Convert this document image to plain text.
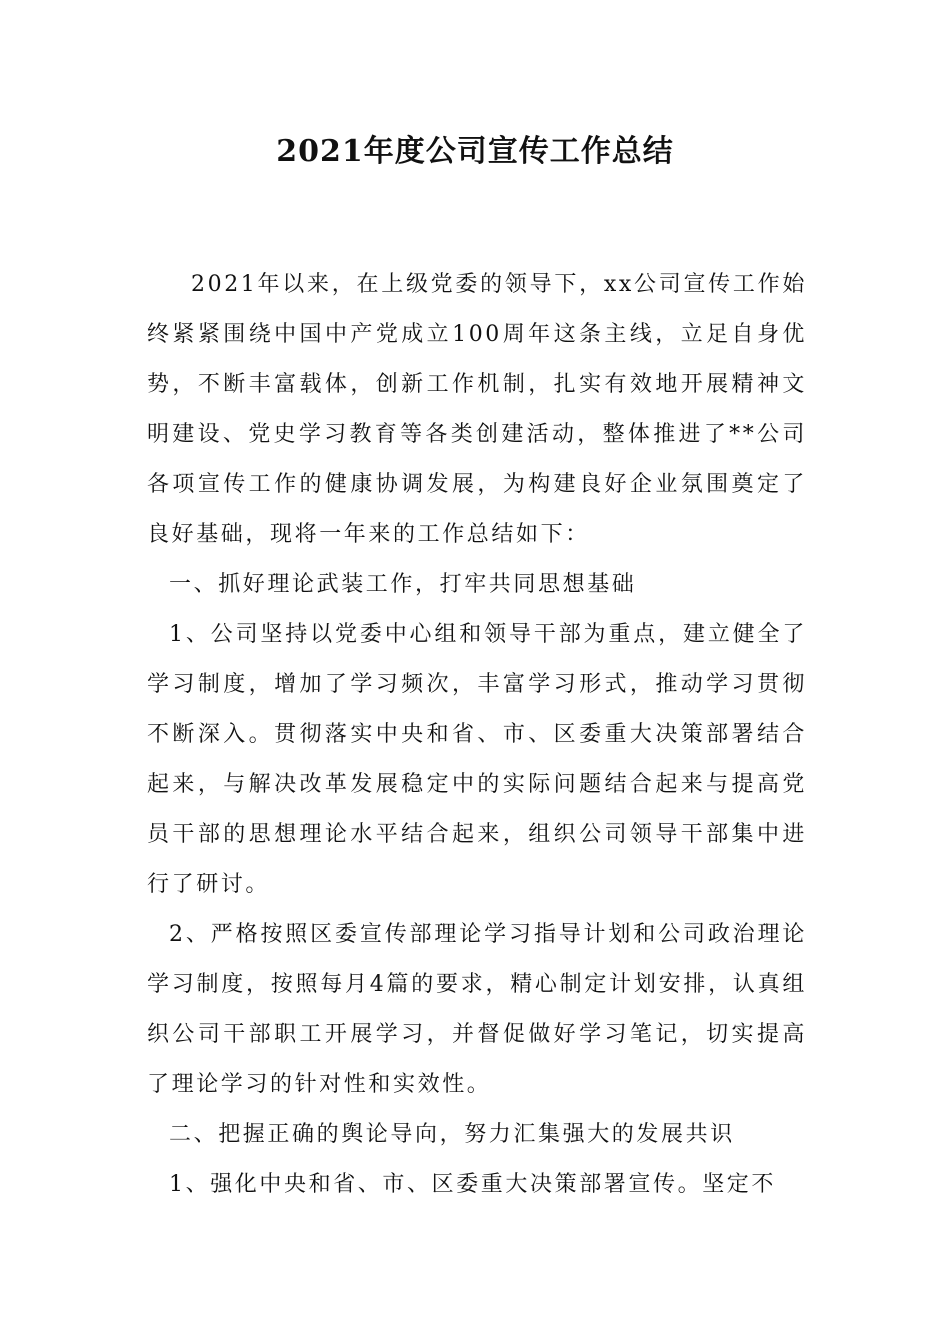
2021年度公司宣传工作总结

2021年以来，在上级党委的领导下，xx公司宣传工作始终紧紧围绕中国中产党成立100周年这条主线，立足自身优势，不断丰富载体，创新工作机制，扎实有效地开展精神文明建设、党史学习教育等各类创建活动，整体推进了**公司各项宣传工作的健康协调发展，为构建良好企业氛围奠定了良好基础，现将一年来的工作总结如下：

一、抓好理论武装工作，打牢共同思想基础

1、公司坚持以党委中心组和领导干部为重点，建立健全了学习制度，增加了学习频次，丰富学习形式，推动学习贯彻不断深入。贯彻落实中央和省、市、区委重大决策部署结合起来，与解决改革发展稳定中的实际问题结合起来与提高党员干部的思想理论水平结合起来，组织公司领导干部集中进行了研讨。

2、严格按照区委宣传部理论学习指导计划和公司政治理论学习制度，按照每月4篇的要求，精心制定计划安排，认真组织公司干部职工开展学习，并督促做好学习笔记，切实提高了理论学习的针对性和实效性。

二、把握正确的舆论导向，努力汇集强大的发展共识

1、强化中央和省、市、区委重大决策部署宣传。坚定不
